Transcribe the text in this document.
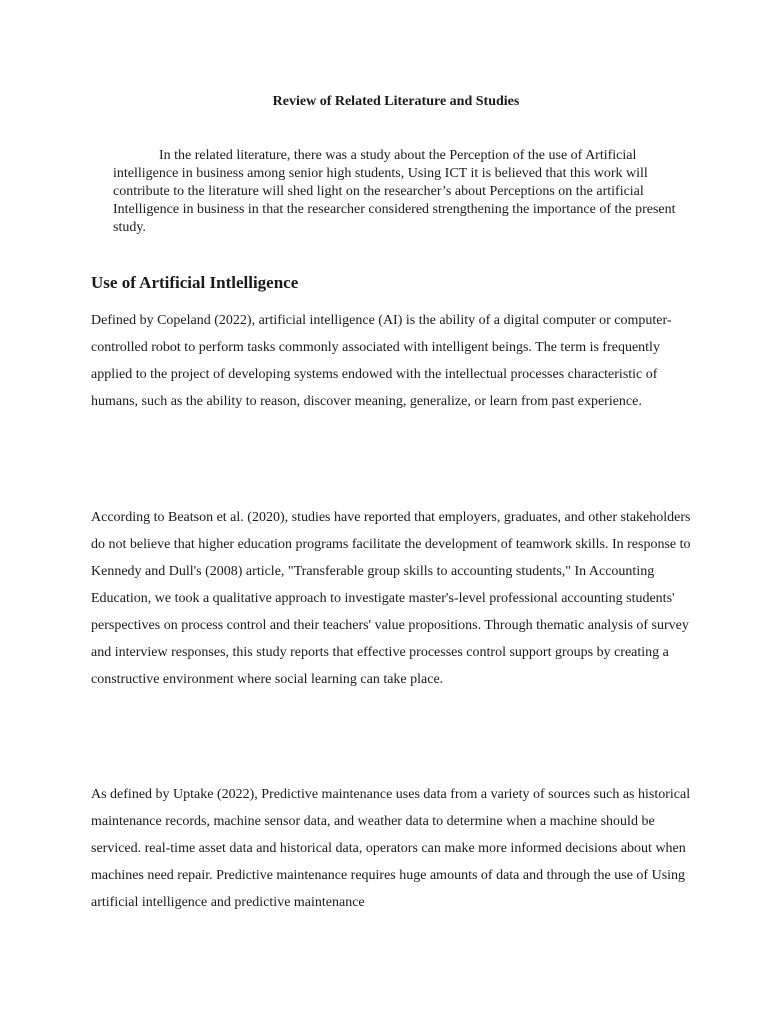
Review of Related Literature and Studies

In the related literature, there was a study about the Perception of the use of Artificial intelligence in business among senior high students, Using ICT it is believed that this work will contribute to the literature will shed light on the researcher’s about Perceptions on the artificial Intelligence in business in that the researcher considered strengthening the importance of the present study.

Use of Artificial Intlelligence

Defined by Copeland (2022), artificial intelligence (AI) is the ability of a digital computer or computer-controlled robot to perform tasks commonly associated with intelligent beings. The term is frequently applied to the project of developing systems endowed with the intellectual processes characteristic of humans, such as the ability to reason, discover meaning, generalize, or learn from past experience.

According to Beatson et al. (2020), studies have reported that employers, graduates, and other stakeholders do not believe that higher education programs facilitate the development of teamwork skills. In response to Kennedy and Dull's (2008) article, "Transferable group skills to accounting students," In Accounting Education, we took a qualitative approach to investigate master's-level professional accounting students' perspectives on process control and their teachers' value propositions. Through thematic analysis of survey and interview responses, this study reports that effective processes control support groups by creating a constructive environment where social learning can take place.

As defined by Uptake (2022), Predictive maintenance uses data from a variety of sources such as historical maintenance records, machine sensor data, and weather data to determine when a machine should be serviced. real-time asset data and historical data, operators can make more informed decisions about when machines need repair. Predictive maintenance requires huge amounts of data and through the use of Using artificial intelligence and predictive maintenance
